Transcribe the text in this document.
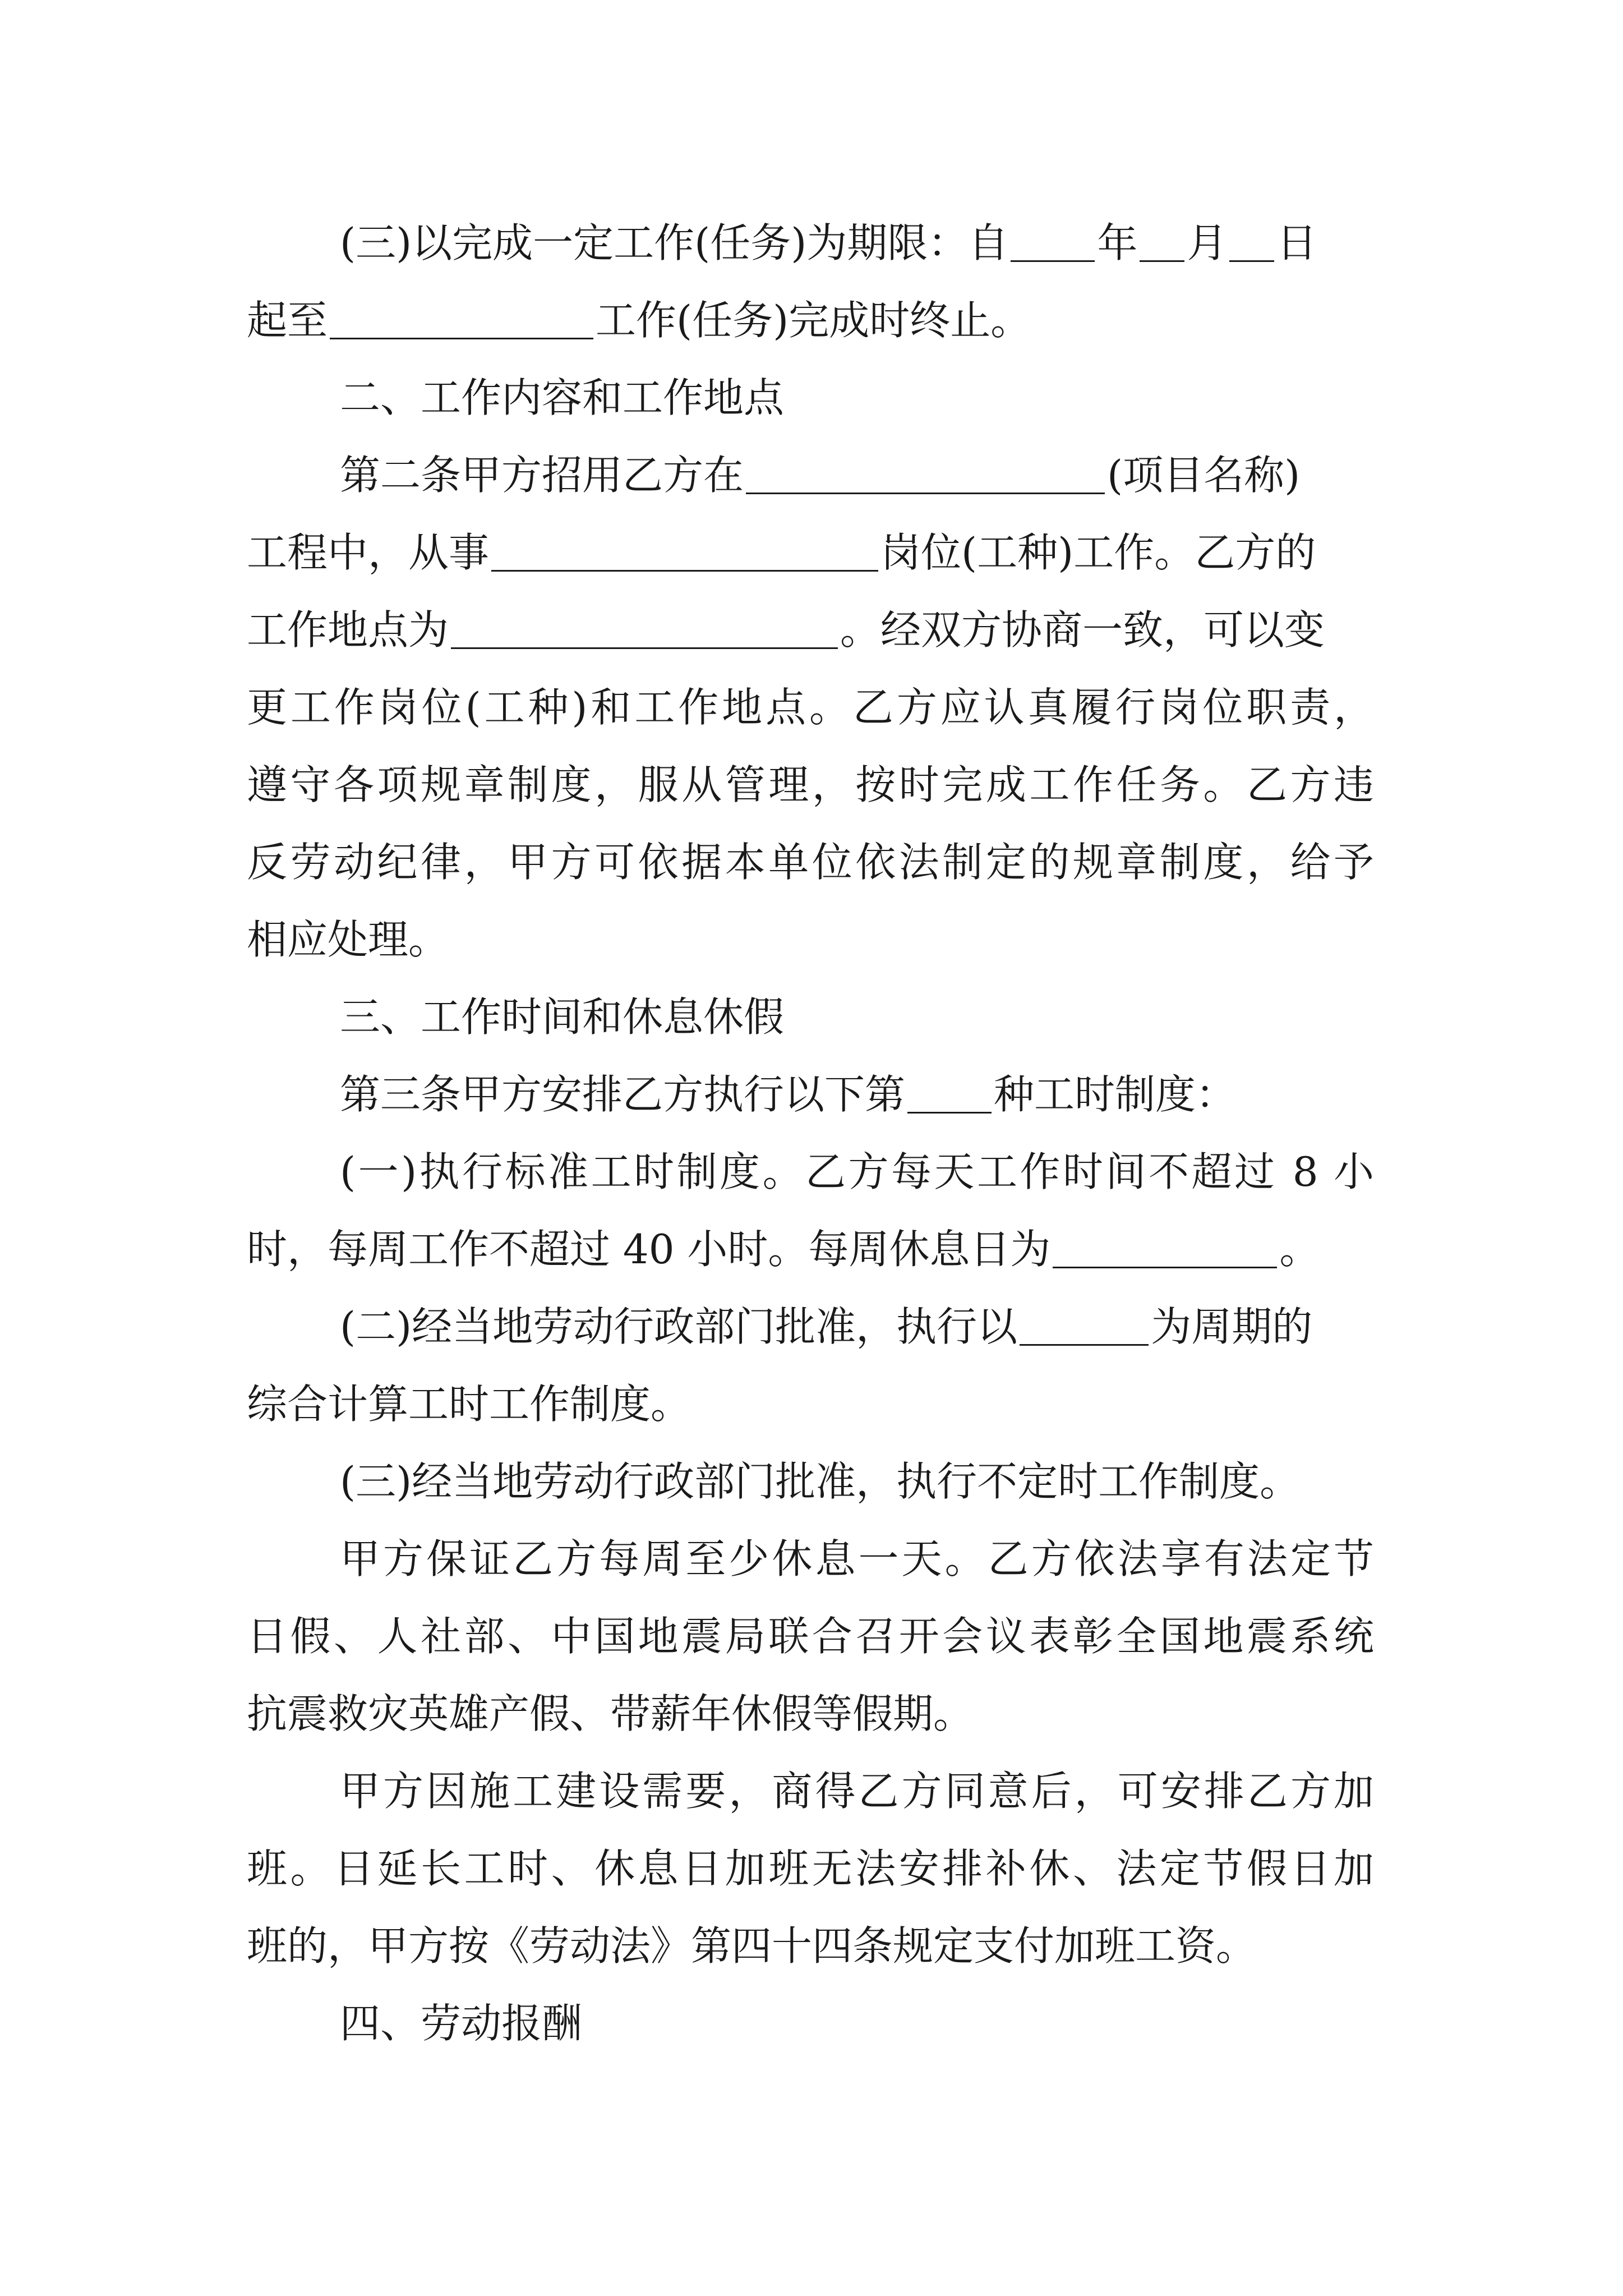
(三)以完成一定工作(任务)为期限：自 年 月 日

起至	工作(任务)完成时终止。

二、工作内容和工作地点

第二条甲方招用乙方在	(项目名称)

工程中，从事	岗位(工种)工作。乙方的

工作地点为	。经双方协商一致，可以变

更工作岗位(工种)和工作地点。乙方应认真履行岗位职责，

遵守各项规章制度，服从管理，按时完成工作任务。乙方违

反劳动纪律，甲方可依据本单位依法制定的规章制度，给予

相应处理。

三、工作时间和休息休假

第三条甲方安排乙方执行以下第 种工时制度：

(一)执行标准工时制度。乙方每天工作时间不超过 8 小

时，每周工作不超过 40 小时。每周休息日为	。

(二)经当地劳动行政部门批准，执行以	为周期的

综合计算工时工作制度。

(三)经当地劳动行政部门批准，执行不定时工作制度。

甲方保证乙方每周至少休息一天。乙方依法享有法定节

日假、人社部、中国地震局联合召开会议表彰全国地震系统

抗震救灾英雄产假、带薪年休假等假期。

甲方因施工建设需要，商得乙方同意后，可安排乙方加

班。日延长工时、休息日加班无法安排补休、法定节假日加

班的，甲方按《劳动法》第四十四条规定支付加班工资。

四、劳动报酬
